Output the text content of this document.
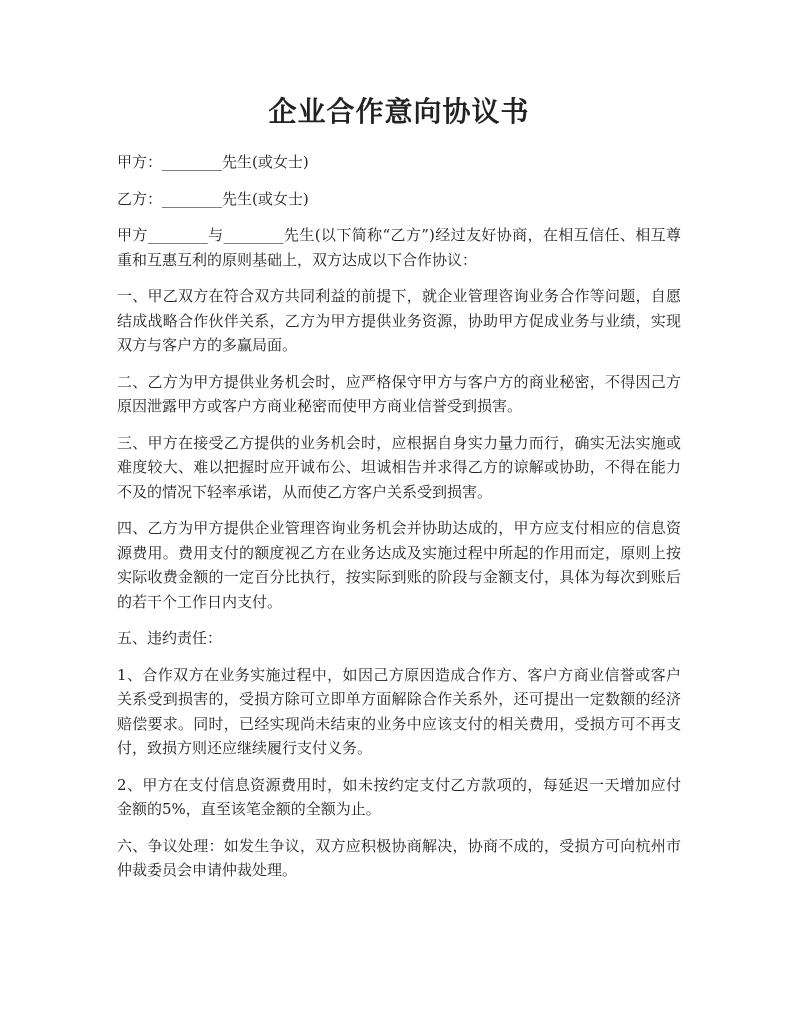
企业合作意向协议书

甲方：________先生(或女士)

乙方：________先生(或女士)

甲方________与________先生(以下简称“乙方”)经过友好协商，在相互信任、相互尊重和互惠互利的原则基础上，双方达成以下合作协议：

一、甲乙双方在符合双方共同利益的前提下，就企业管理咨询业务合作等问题，自愿结成战略合作伙伴关系，乙方为甲方提供业务资源，协助甲方促成业务与业绩，实现双方与客户方的多赢局面。

二、乙方为甲方提供业务机会时，应严格保守甲方与客户方的商业秘密，不得因己方原因泄露甲方或客户方商业秘密而使甲方商业信誉受到损害。

三、甲方在接受乙方提供的业务机会时，应根据自身实力量力而行，确实无法实施或难度较大、难以把握时应开诚布公、坦诚相告并求得乙方的谅解或协助，不得在能力不及的情况下轻率承诺，从而使乙方客户关系受到损害。

四、乙方为甲方提供企业管理咨询业务机会并协助达成的，甲方应支付相应的信息资源费用。费用支付的额度视乙方在业务达成及实施过程中所起的作用而定，原则上按实际收费金额的一定百分比执行，按实际到账的阶段与金额支付，具体为每次到账后的若干个工作日内支付。

五、违约责任：

1、合作双方在业务实施过程中，如因己方原因造成合作方、客户方商业信誉或客户关系受到损害的，受损方除可立即单方面解除合作关系外，还可提出一定数额的经济赔偿要求。同时，已经实现尚未结束的业务中应该支付的相关费用，受损方可不再支付，致损方则还应继续履行支付义务。

2、甲方在支付信息资源费用时，如未按约定支付乙方款项的，每延迟一天增加应付金额的5%，直至该笔金额的全额为止。

六、争议处理：如发生争议，双方应积极协商解决，协商不成的，受损方可向杭州市仲裁委员会申请仲裁处理。
